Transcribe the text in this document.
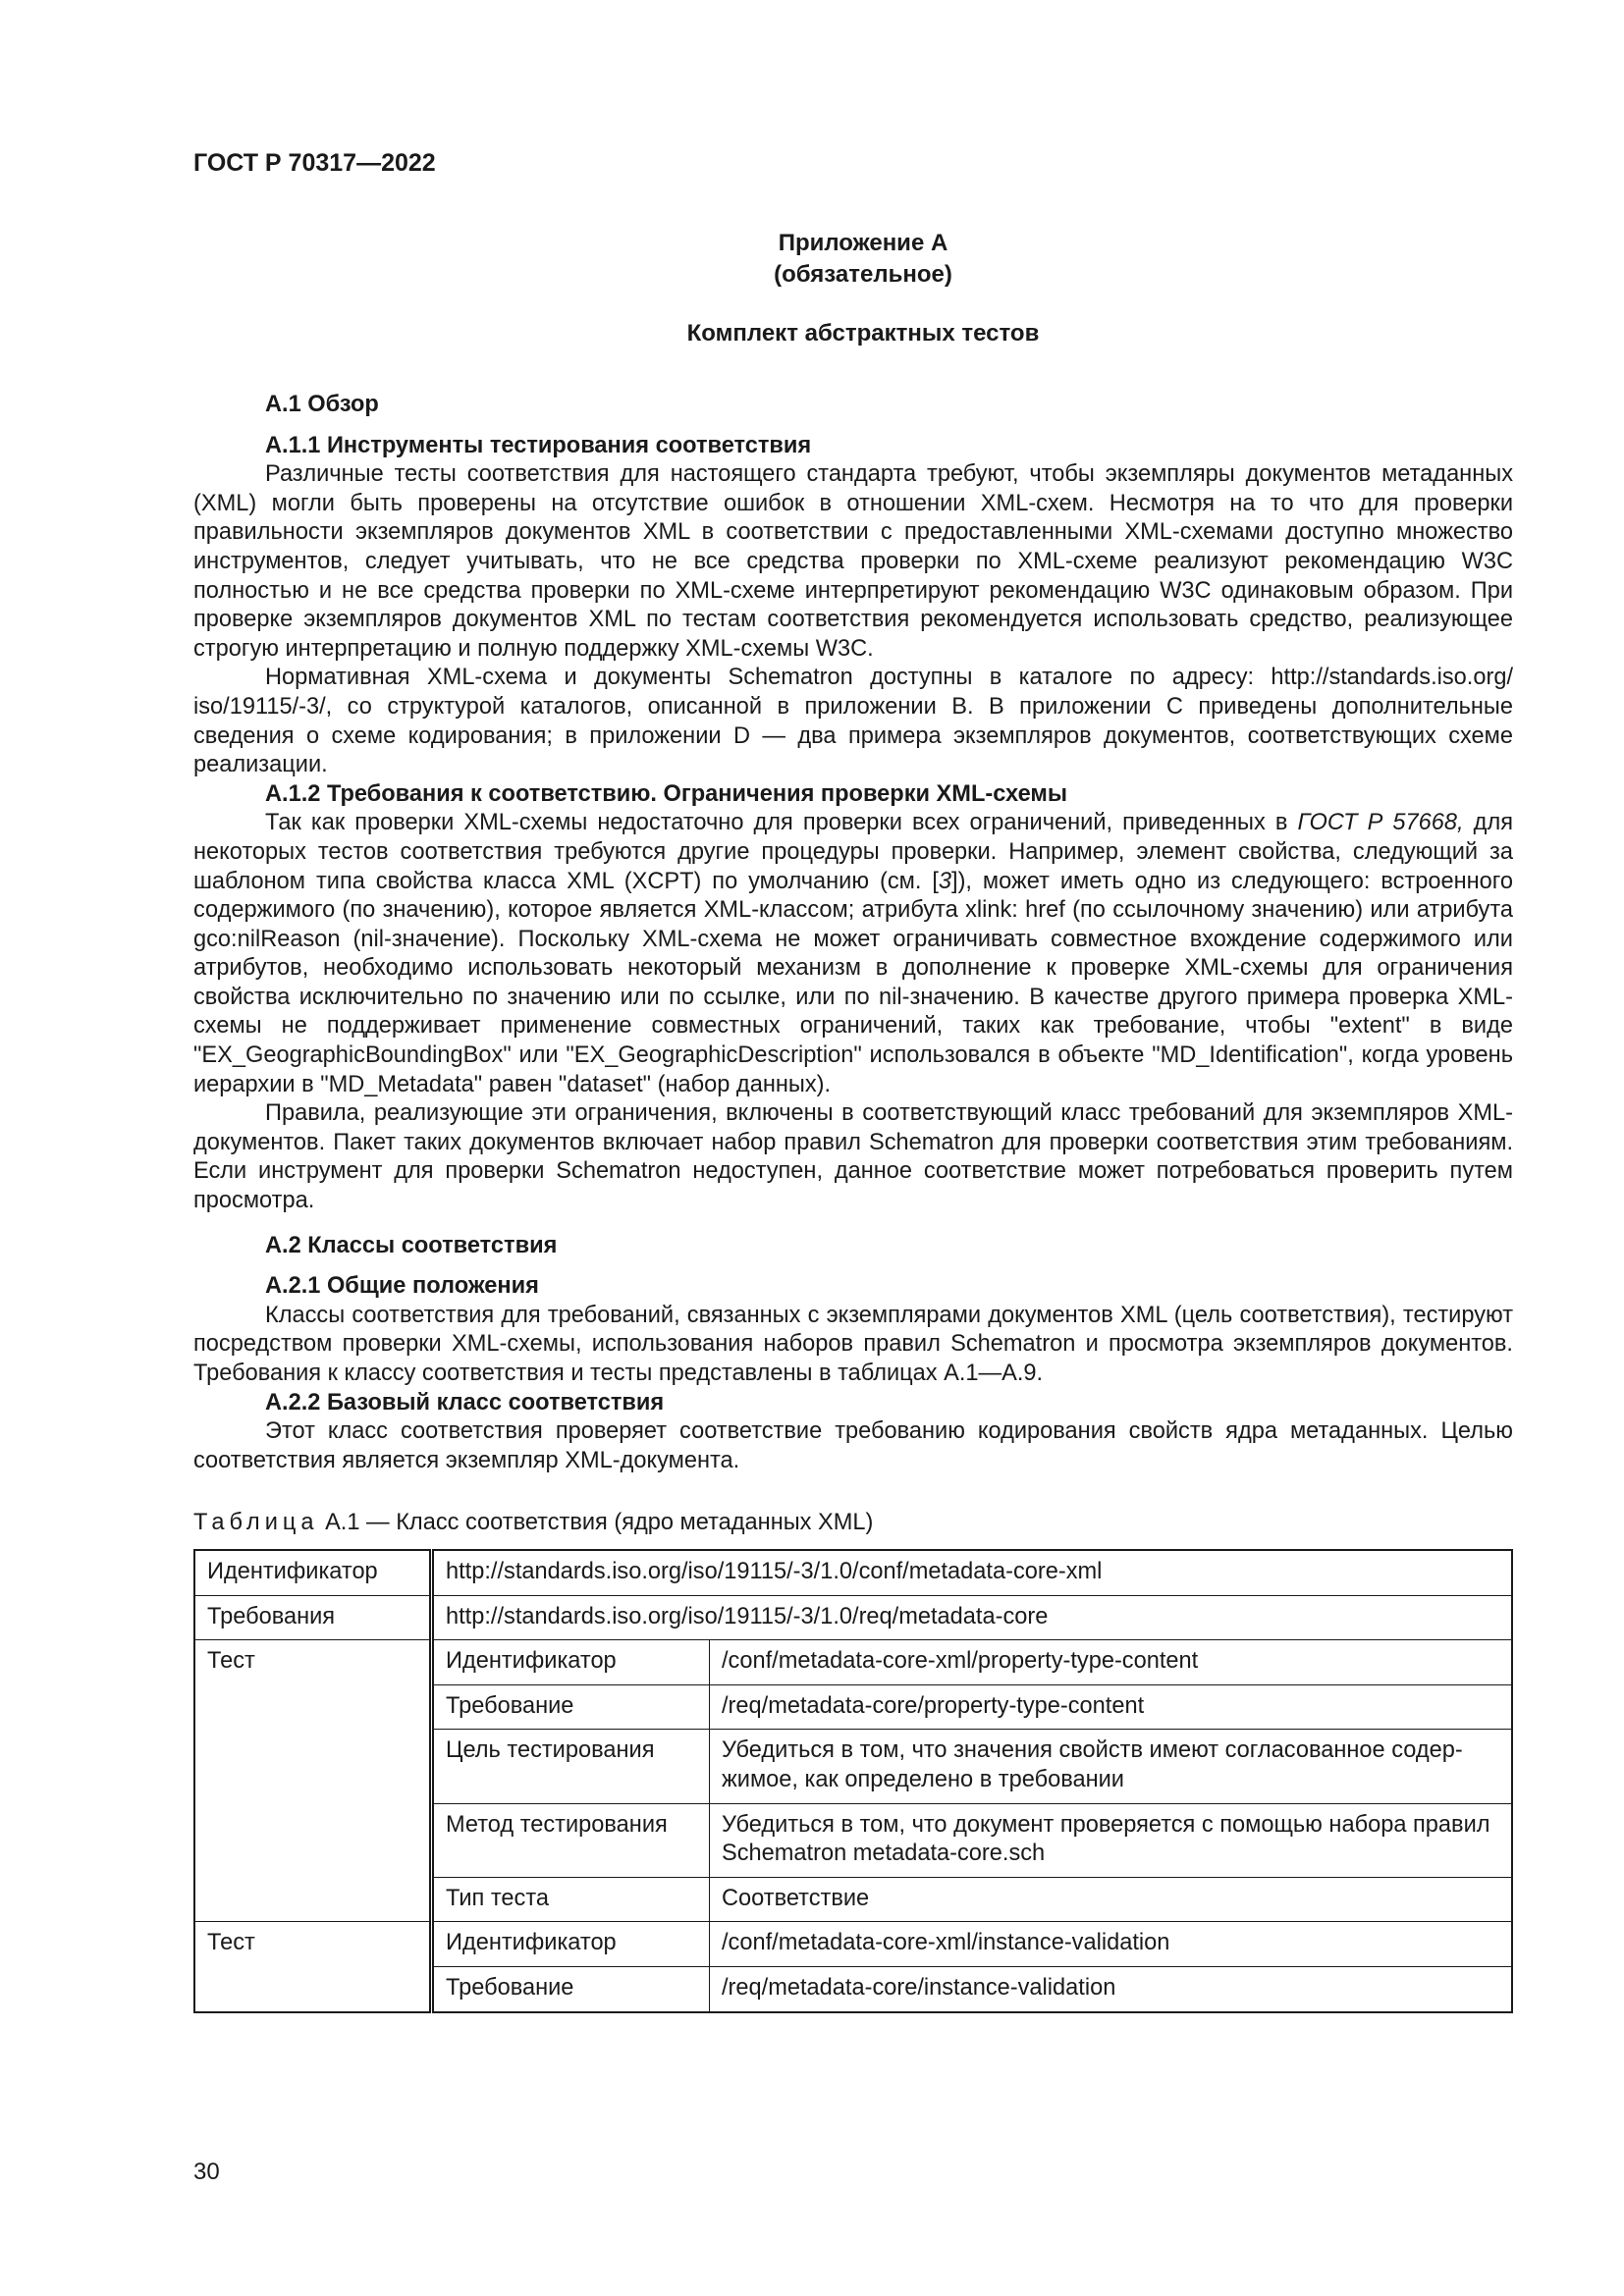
ГОСТ Р 70317—2022
Приложение А
(обязательное)
Комплект абстрактных тестов
А.1 Обзор
А.1.1 Инструменты тестирования соответствия

Различные тесты соответствия для настоящего стандарта требуют, чтобы экземпляры документов метаданных (XML) могли быть проверены на отсутствие ошибок в отношении XML-схем. Несмотря на то что для проверки правильности экземпляров документов XML в соответствии с предоставленными XML-схемами доступно множество инструментов, следует учитывать, что не все средства проверки по XML-схеме реализуют рекомендацию W3C полностью и не все средства проверки по XML-схеме интерпретируют рекомендацию W3C одинаковым образом. При проверке экземпляров документов XML по тестам соответствия рекомендуется использовать средство, реализующее строгую интерпретацию и полную поддержку XML-схемы W3C.

Нормативная XML-схема и документы Schematron доступны в каталоге по адресу: http://standards.iso.org/ iso/19115/-3/, со структурой каталогов, описанной в приложении В. В приложении С приведены дополнительные сведения о схеме кодирования; в приложении D — два примера экземпляров документов, соответствующих схеме реализации.

А.1.2 Требования к соответствию. Ограничения проверки XML-схемы

Так как проверки XML-схемы недостаточно для проверки всех ограничений, приведенных в ГОСТ Р 57668, для некоторых тестов соответствия требуются другие процедуры проверки. Например, элемент свойства, следующий за шаблоном типа свойства класса XML (XCPT) по умолчанию (см. [3]), может иметь одно из следующего: встроенного содержимого (по значению), которое является XML-классом; атрибута xlink: href (по ссылочному значению) или атрибута gco:nilReason (nil-значение). Поскольку XML-схема не может ограничивать совместное вхождение содержимого или атрибутов, необходимо использовать некоторый механизм в дополнение к проверке XML-схемы для ограничения свойства исключительно по значению или по ссылке, или по nil-значению. В качестве другого примера проверка XML-схемы не поддерживает применение совместных ограничений, таких как требование, чтобы "extent" в виде "EX_GeographicBoundingBox" или "EX_GeographicDescription" использовался в объекте "MD_Identification", когда уровень иерархии в "MD_Metadata" равен "dataset" (набор данных).

Правила, реализующие эти ограничения, включены в соответствующий класс требований для экземпляров XML-документов. Пакет таких документов включает набор правил Schematron для проверки соответствия этим требованиям. Если инструмент для проверки Schematron недоступен, данное соответствие может потребоваться проверить путем просмотра.

А.2 Классы соответствия
А.2.1 Общие положения

Классы соответствия для требований, связанных с экземплярами документов XML (цель соответствия), тестируют посредством проверки XML-схемы, использования наборов правил Schematron и просмотра экземпляров документов. Требования к классу соответствия и тесты представлены в таблицах А.1—А.9.

А.2.2 Базовый класс соответствия

Этот класс соответствия проверяет соответствие требованию кодирования свойств ядра метаданных. Целью соответствия является экземпляр XML-документа.

Таблица А.1 — Класс соответствия (ядро метаданных XML)
Идентификатор	http://standards.iso.org/iso/19115/-3/1.0/conf/metadata-core-xml	
Требования	http://standards.iso.org/iso/19115/-3/1.0/req/metadata-core	
Тест	Идентификатор	/conf/metadata-core-xml/property-type-content
	Требование	/req/metadata-core/property-type-content
	Цель тестирования	Убедиться в том, что значения свойств имеют согласованное содержимое, как определено в требовании
	Метод тестирования	Убедиться в том, что документ проверяется с помощью набора правил Schematron metadata-core.sch
	Тип теста	Соответствие
Тест	Идентификатор	/conf/metadata-core-xml/instance-validation
	Требование	/req/metadata-core/instance-validation
30
